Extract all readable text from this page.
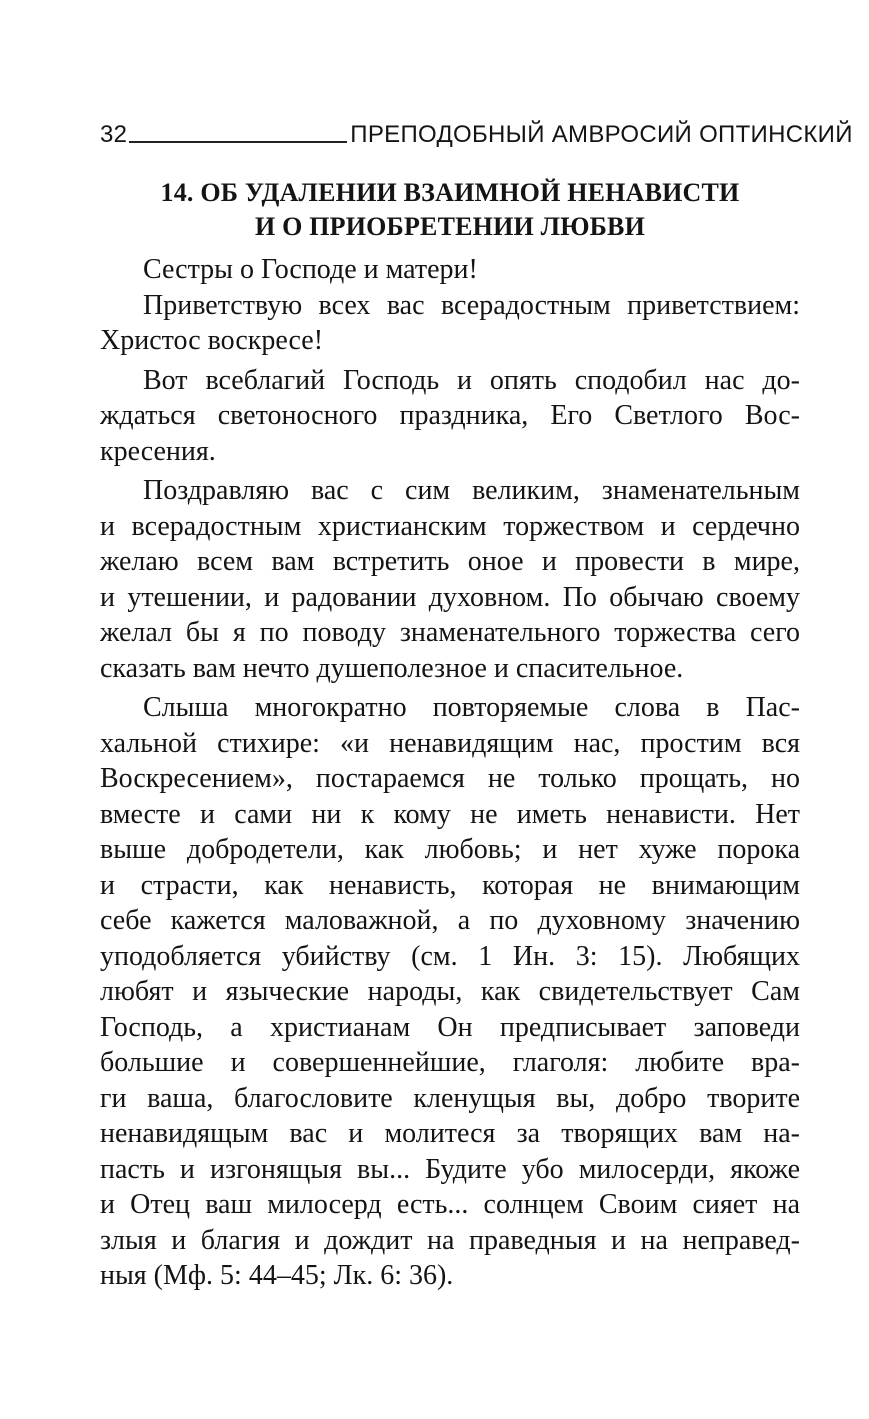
32	ПРЕПОДОБНЫЙ АМВРОСИЙ ОПТИНСКИЙ
14. ОБ УДАЛЕНИИ ВЗАИМНОЙ НЕНАВИСТИ
И О ПРИОБРЕТЕНИИ ЛЮБВИ
Сестры о Господе и матери!
Приветствую всех вас всерадостным приветствием:
Христос воскресе!
Вот всеблагий Господь и опять сподобил нас до-
ждаться светоносного праздника, Его Светлого Вос-
кресения.
Поздравляю вас с сим великим, знаменательным
и всерадостным христианским торжеством и сердечно
желаю всем вам встретить оное и провести в мире,
и утешении, и радовании духовном. По обычаю своему
желал бы я по поводу знаменательного торжества сего
сказать вам нечто душеполезное и спасительное.
Слыша многократно повторяемые слова в Пас-
хальной стихире: «и ненавидящим нас, простим вся
Воскресением», постараемся не только прощать, но
вместе и сами ни к кому не иметь ненависти. Нет
выше добродетели, как любовь; и нет хуже порока
и страсти, как ненависть, которая не внимающим
себе кажется маловажной, а по духовному значению
уподобляется убийству (см. 1 Ин. 3: 15). Любящих
любят и языческие народы, как свидетельствует Сам
Господь, а христианам Он предписывает заповеди
большие и совершеннейшие, глаголя: любите вра-
ги ваша, благословите кленущыя вы, добро творите
ненавидящым вас и молитеся за творящих вам на-
пасть и изгонящыя вы... Будите убо милосерди, якоже
и Отец ваш милосерд есть... солнцем Своим сияет на
злыя и благия и дождит на праведныя и на неправед-
ныя (Мф. 5: 44–45; Лк. 6: 36).
